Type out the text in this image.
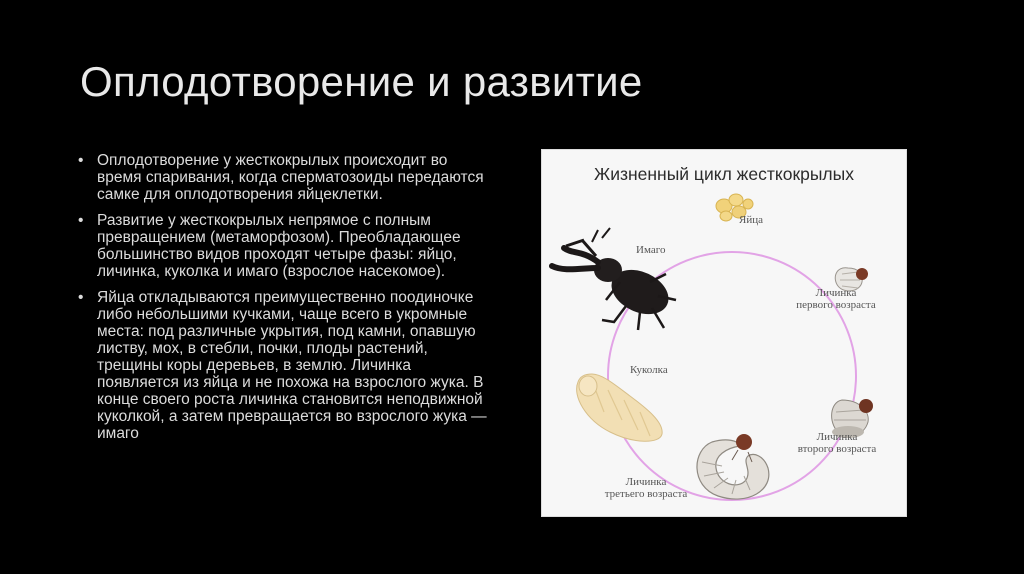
Оплодотворение и развитие
• Оплодотворение у жесткокрылых происходит во время спаривания, когда сперматозоиды передаются самке для оплодотворения яйцеклетки.
• Развитие у жесткокрылых непрямое с полным превращением (метаморфозом). Преобладающее большинство видов проходят четыре фазы: яйцо, личинка, куколка и имаго (взрослое насекомое).
• Яйца откладываются преимущественно поодиночке либо небольшими кучками, чаще всего в укромные места: под различные укрытия, под камни, опавшую листву, мох, в стебли, почки, плоды растений, трещины коры деревьев, в землю. Личинка появляется из яйца и не похожа на взрослого жука. В конце своего роста личинка становится неподвижной куколкой, а затем превращается во взрослого жука — имаго
Жизненный цикл жесткокрылых
Яйца
Имаго
Личинка
первого возраста
Куколка
Личинка
второго возраста
Личинка
третьего возраста
